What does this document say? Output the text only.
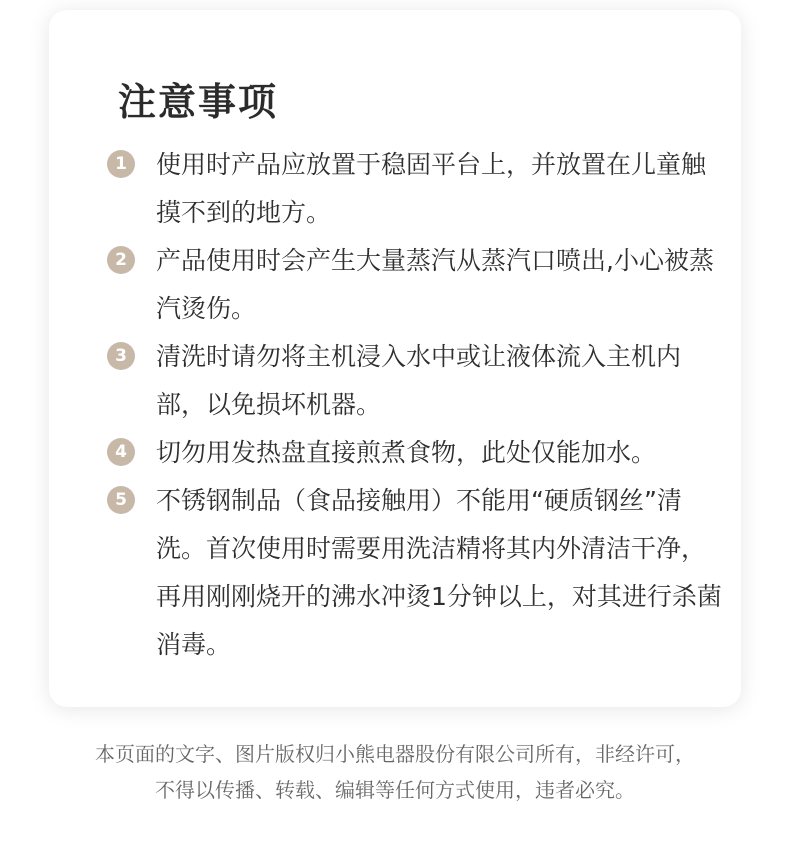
注意事项
1	使用时产品应放置于稳固平台上，并放置在儿童触摸不到的地方。
2	产品使用时会产生大量蒸汽从蒸汽口喷出,小心被蒸汽烫伤。
3	清洗时请勿将主机浸入水中或让液体流入主机内部，以免损坏机器。
4	切勿用发热盘直接煎煮食物，此处仅能加水。
5	不锈钢制品（食品接触用）不能用“硬质钢丝”清洗。首次使用时需要用洗洁精将其内外清洁干净，再用刚刚烧开的沸水冲烫1分钟以上，对其进行杀菌消毒。

本页面的文字、图片版权归小熊电器股份有限公司所有，非经许可，

不得以传播、转载、编辑等任何方式使用，违者必究。
